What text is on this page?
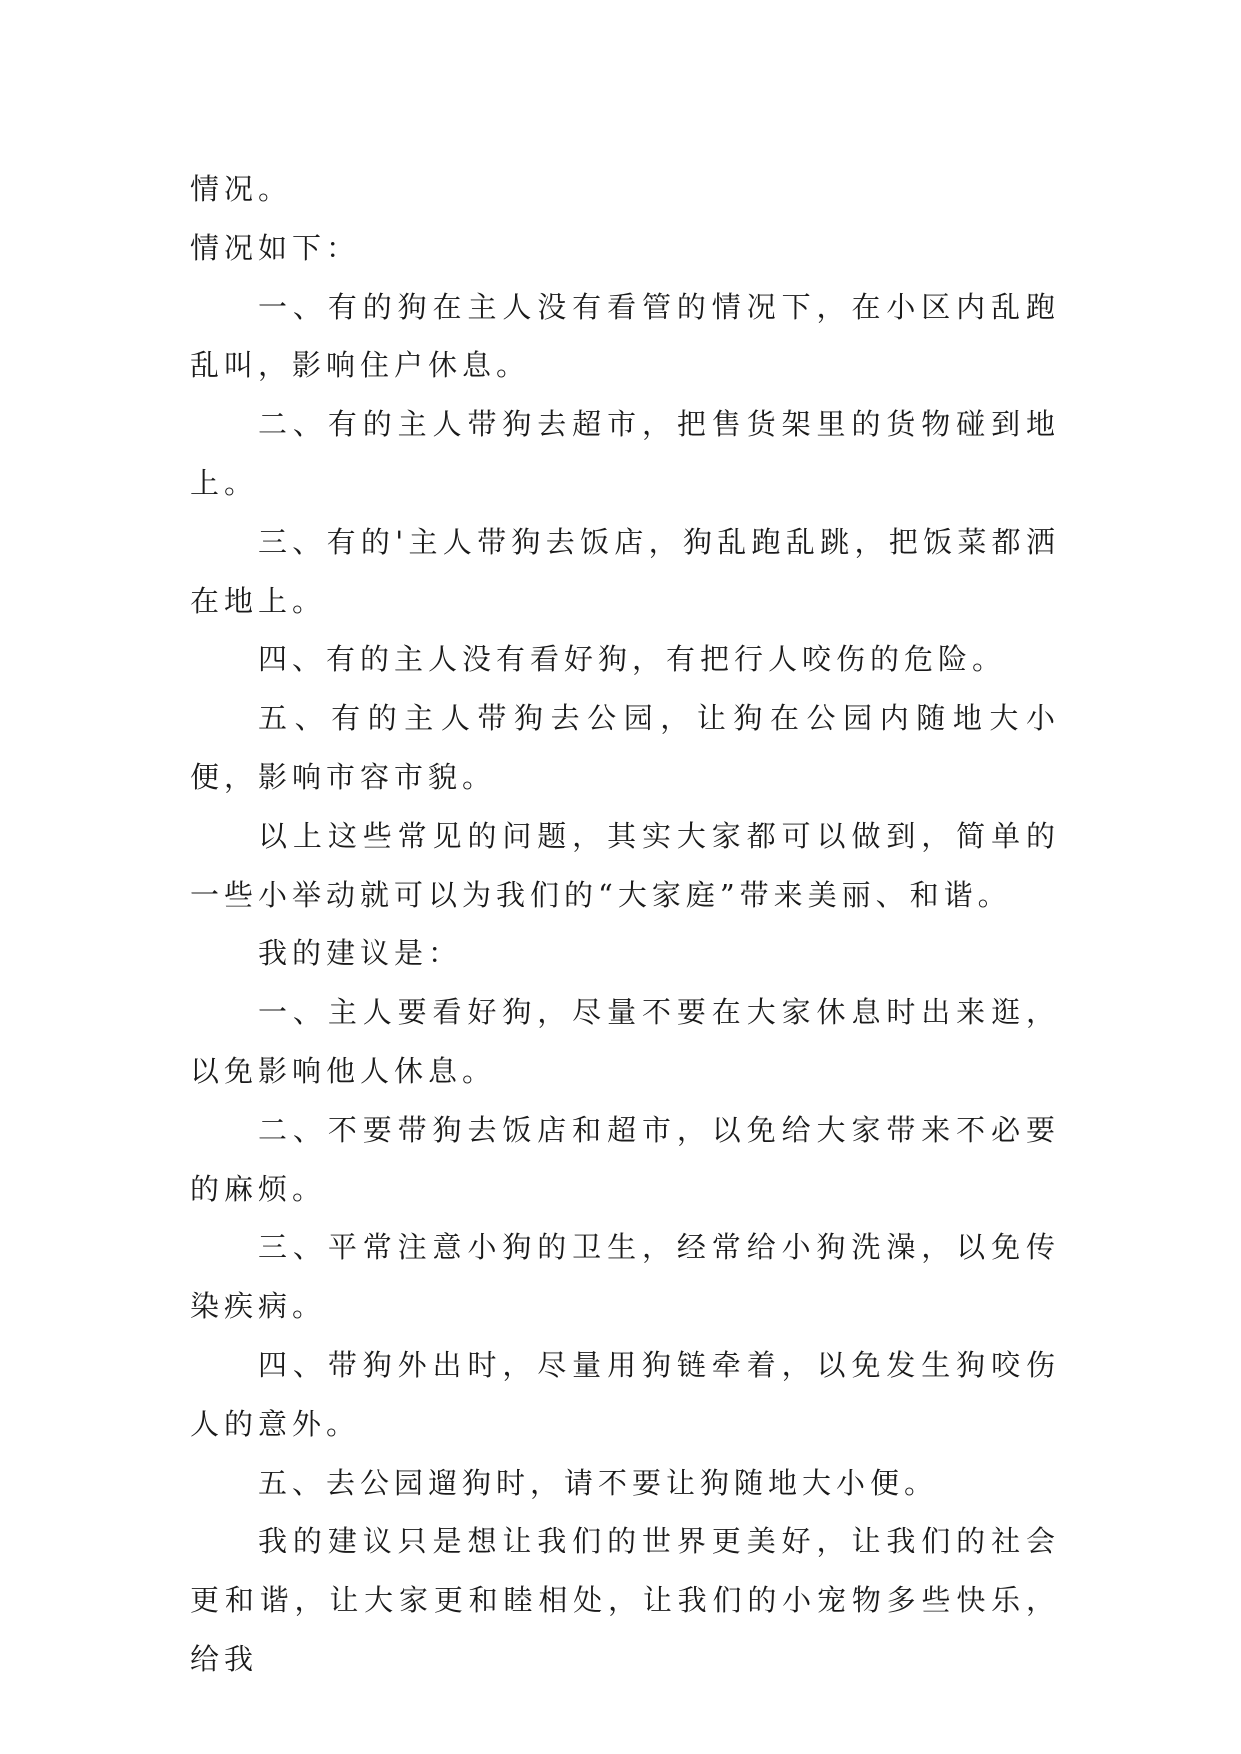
情况。

情况如下：

一、有的狗在主人没有看管的情况下，在小区内乱跑乱叫，影响住户休息。

二、有的主人带狗去超市，把售货架里的货物碰到地上。

三、有的'主人带狗去饭店，狗乱跑乱跳，把饭菜都洒在地上。

四、有的主人没有看好狗，有把行人咬伤的危险。

五、有的主人带狗去公园，让狗在公园内随地大小便，影响市容市貌。

以上这些常见的问题，其实大家都可以做到，简单的一些小举动就可以为我们的“大家庭”带来美丽、和谐。

我的建议是：

一、主人要看好狗，尽量不要在大家休息时出来逛，以免影响他人休息。

二、不要带狗去饭店和超市，以免给大家带来不必要的麻烦。

三、平常注意小狗的卫生，经常给小狗洗澡，以免传染疾病。

四、带狗外出时，尽量用狗链牵着，以免发生狗咬伤人的意外。

五、去公园遛狗时，请不要让狗随地大小便。

我的建议只是想让我们的世界更美好，让我们的社会更和谐，让大家更和睦相处，让我们的小宠物多些快乐，给我
